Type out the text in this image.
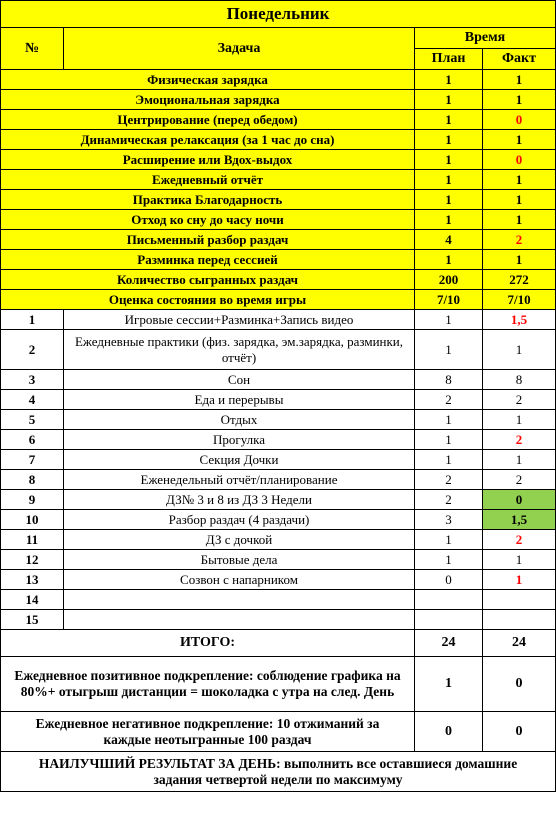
Понедельник			
№	Задача	Время	
		План	Факт
Физическая зарядка		1	1
Эмоциональная зарядка		1	1
Центрирование (перед обедом)		1	0
Динамическая релаксация (за 1 час до сна)		1	1
Расширение или Вдох-выдох		1	0
Ежедневный отчёт		1	1
Практика Благодарность		1	1
Отход ко сну до часу ночи		1	1
Письменный разбор раздач		4	2
Разминка перед сессией		1	1
Количество сыгранных раздач		200	272
Оценка состояния во время игры		7/10	7/10
1	Игровые сессии+Разминка+Запись видео	1	1,5
2	Ежедневные практики (физ. зарядка, эм.зарядка, разминки, отчёт)	1	1
3	Сон	8	8
4	Еда и перерывы	2	2
5	Отдых	1	1
6	Прогулка	1	2
7	Секция Дочки	1	1
8	Еженедельный отчёт/планирование	2	2
9	ДЗ№ 3 и 8 из ДЗ 3 Недели	2	0
10	Разбор раздач (4 раздачи)	3	1,5
11	ДЗ с дочкой	1	2
12	Бытовые дела	1	1
13	Созвон с напарником	0	1
14			
15			
ИТОГО:		24	24
Ежедневное позитивное подкрепление: соблюдение графика на 80%+ отыгрыш дистанции = шоколадка с утра на след. День		1	0
Ежедневное негативное подкрепление: 10 отжиманий за каждые неотыгранные 100 раздач		0	0
НАИЛУЧШИЙ РЕЗУЛЬТАТ ЗА ДЕНЬ: выполнить все оставшиеся домашние задания четвертой недели по максимуму			
